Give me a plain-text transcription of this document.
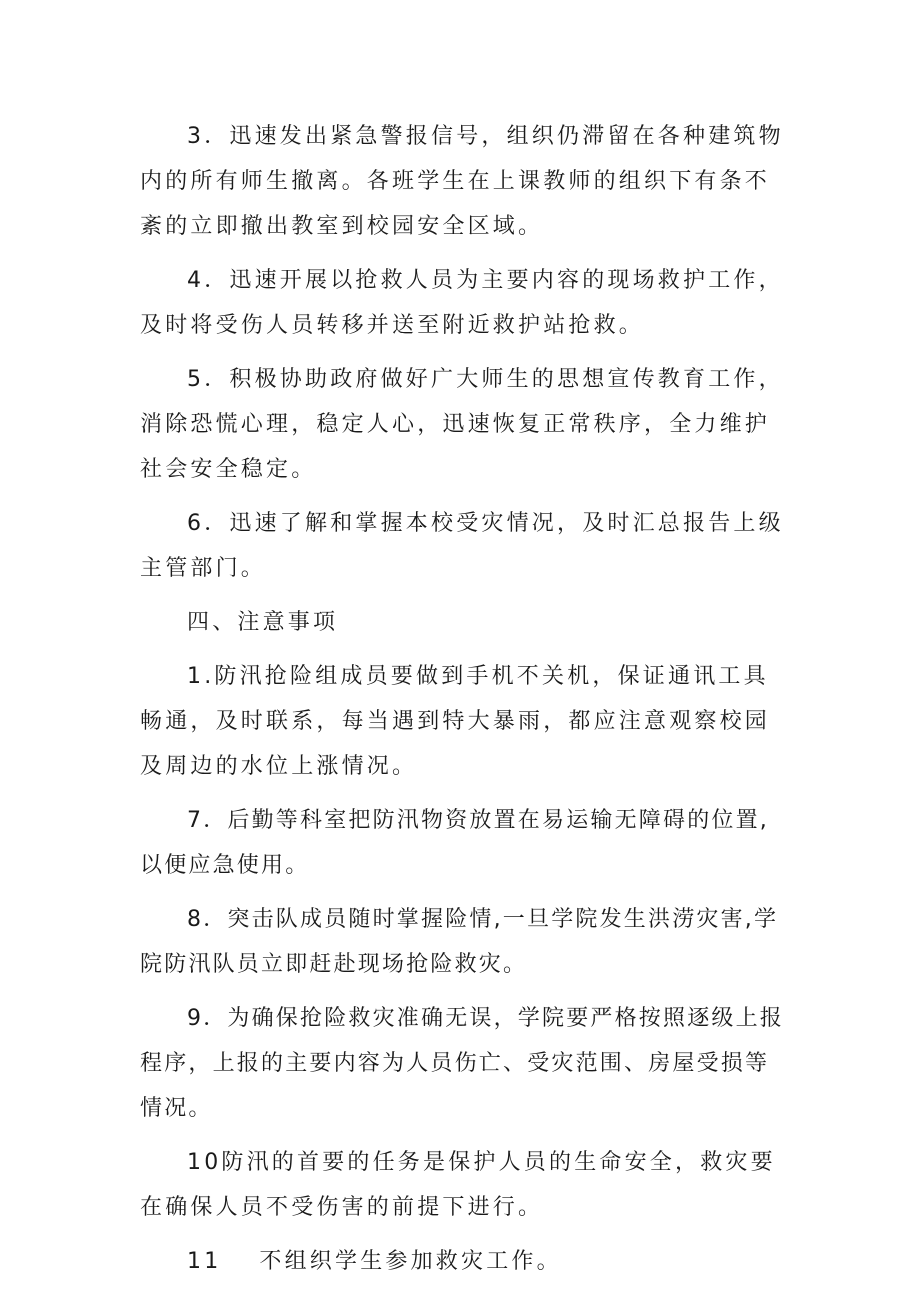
3．迅速发出紧急警报信号，组织仍滞留在各种建筑物内的所有师生撤离。各班学生在上课教师的组织下有条不紊的立即撤出教室到校园安全区域。

4．迅速开展以抢救人员为主要内容的现场救护工作，及时将受伤人员转移并送至附近救护站抢救。

5．积极协助政府做好广大师生的思想宣传教育工作，消除恐慌心理，稳定人心，迅速恢复正常秩序，全力维护社会安全稳定。

6．迅速了解和掌握本校受灾情况，及时汇总报告上级主管部门。

四、注意事项

1.防汛抢险组成员要做到手机不关机，保证通讯工具畅通，及时联系，每当遇到特大暴雨，都应注意观察校园及周边的水位上涨情况。

7．后勤等科室把防汛物资放置在易运输无障碍的位置,以便应急使用。

8．突击队成员随时掌握险情,一旦学院发生洪涝灾害,学院防汛队员立即赶赴现场抢险救灾。

9．为确保抢险救灾准确无误，学院要严格按照逐级上报程序，上报的主要内容为人员伤亡、受灾范围、房屋受损等情况。

10防汛的首要的任务是保护人员的生命安全，救灾要在确保人员不受伤害的前提下进行。

11 不组织学生参加救灾工作。
